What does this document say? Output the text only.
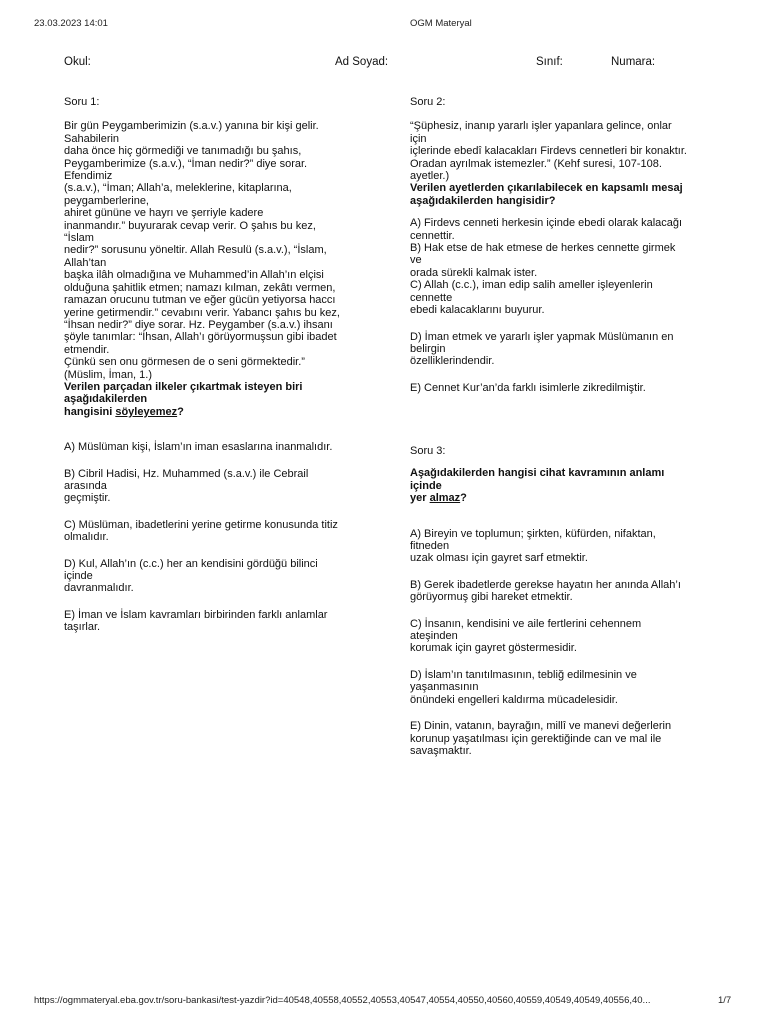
23.03.2023 14:01	OGM Materyal
Okul:	Ad Soyad:	Sınıf:	Numara:
Soru 1:
Bir gün Peygamberimizin (s.a.v.) yanına bir kişi gelir.
Sahabilerin
daha önce hiç görmediği ve tanımadığı bu şahıs,
Peygamberimize (s.a.v.), “İman nedir?” diye sorar.
Efendimiz
(s.a.v.), “İman; Allah’a, meleklerine, kitaplarına,
peygamberlerine,
ahiret gününe ve hayrı ve şerriyle kadere
inanmandır.” buyurarak cevap verir. O şahıs bu kez,
“İslam
nedir?” sorusunu yöneltir. Allah Resulü (s.a.v.), “İslam,
Allah’tan
başka ilâh olmadığına ve Muhammed’in Allah’ın elçisi
olduğuna şahitlik etmen; namazı kılman, zekâtı vermen,
ramazan orucunu tutman ve eğer gücün yetiyorsa haccı
yerine getirmendir.” cevabını verir. Yabancı şahıs bu kez,
“İhsan nedir?” diye sorar. Hz. Peygamber (s.a.v.) ihsanı
şöyle tanımlar: “İhsan, Allah’ı görüyormuşsun gibi ibadet
etmendir.
Çünkü sen onu görmesen de o seni görmektedir.”
(Müslim, İman, 1.)
Verilen parçadan ilkeler çıkartmak isteyen biri
aşağıdakilerden
hangisini söyleyemez?
A) Müslüman kişi, İslam’ın iman esaslarına inanmalıdır.
B) Cibril Hadisi, Hz. Muhammed (s.a.v.) ile Cebrail
arasında
geçmiştir.
C) Müslüman, ibadetlerini yerine getirme konusunda titiz
olmalıdır.
D) Kul, Allah’ın (c.c.) her an kendisini gördüğü bilinci
içinde
davranmalıdır.
E) İman ve İslam kavramları birbirinden farklı anlamlar
taşırlar.
Soru 2:
“Şüphesiz, inanıp yararlı işler yapanlara gelince, onlar
için
içlerinde ebedî kalacakları Firdevs cennetleri bir konaktır.
Oradan ayrılmak istemezler.” (Kehf suresi, 107-108.
ayetler.)
Verilen ayetlerden çıkarılabilecek en kapsamlı mesaj
aşağıdakilerden hangisidir?
A) Firdevs cenneti herkesin içinde ebedi olarak kalacağı
cennettir.
B) Hak etse de hak etmese de herkes cennette girmek
ve
orada sürekli kalmak ister.
C) Allah (c.c.), iman edip salih ameller işleyenlerin
cennette
ebedi kalacaklarını buyurur.
D) İman etmek ve yararlı işler yapmak Müslümanın en
belirgin
özelliklerindendir.
E) Cennet Kur’an’da farklı isimlerle zikredilmiştir.
Soru 3:
Aşağıdakilerden hangisi cihat kavramının anlamı
içinde
yer almaz?
A) Bireyin ve toplumun; şirkten, küfürden, nifaktan,
fitneden
uzak olması için gayret sarf etmektir.
B) Gerek ibadetlerde gerekse hayatın her anında Allah’ı
görüyormuş gibi hareket etmektir.
C) İnsanın, kendisini ve aile fertlerini cehennem
ateşinden
korumak için gayret göstermesidir.
D) İslam’ın tanıtılmasının, tebliğ edilmesinin ve
yaşanmasının
önündeki engelleri kaldırma mücadelesidir.
E) Dinin, vatanın, bayrağın, millî ve manevi değerlerin
korunup yaşatılması için gerektiğinde can ve mal ile
savaşmaktır.
https://ogmmateryal.eba.gov.tr/soru-bankasi/test-yazdir?id=40548,40558,40552,40553,40547,40554,40550,40560,40559,40549,40549,40556,40...	1/7
